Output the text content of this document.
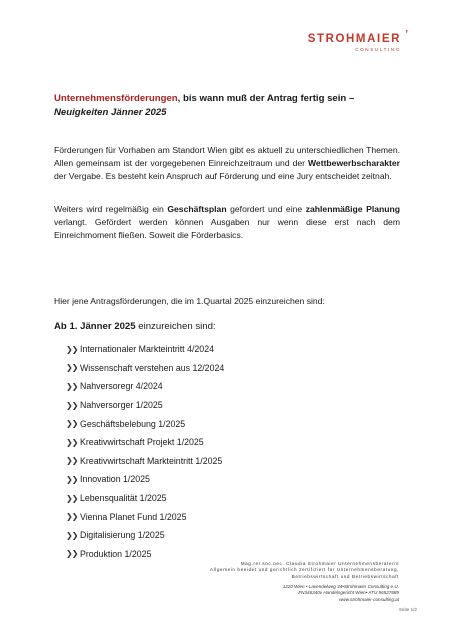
STROHMAIER ’
CONSULTING
Unternehmensförderungen, bis wann muß der Antrag fertig sein –
Neuigkeiten Jänner 2025
Förderungen für Vorhaben am Standort Wien gibt es aktuell zu unterschiedlichen Themen. Allen gemeinsam ist der vorgegebenen Einreichzeitraum und der Wettbewerbscharakter der Vergabe. Es besteht kein Anspruch auf Förderung und eine Jury entscheidet zeitnah.
Weiters wird regelmäßig ein Geschäftsplan gefordert und eine zahlenmäßige Planung verlangt. Gefördert werden können Ausgaben nur wenn diese erst nach dem Einreichmoment fließen. Soweit die Förderbasics.
Hier jene Antragsförderungen, die im 1.Quartal 2025 einzureichen sind:
Ab 1. Jänner 2025 einzureichen sind:
❯❯ Internationaler Markteintritt 4/2024
❯❯ Wissenschaft verstehen aus 12/2024
❯❯ Nahversoregr 4/2024
❯❯ Nahversorger 1/2025
❯❯ Geschäftsbelebung 1/2025
❯❯ Kreativwirtschaft Projekt 1/2025
❯❯ Kreativwirtschaft Markteintritt 1/2025
❯❯ Innovation 1/2025
❯❯ Lebensqualität 1/2025
❯❯ Vienna Planet Fund 1/2025
❯❯ Digitalisierung 1/2025
❯❯ Produktion 1/2025
Mag.rer.soc.oec. Claudia Strohmaier Unternehmensberaterin
Allgemein beeidet und gerichtlich zertifiziert für Unternehmensberatung,
Betriebswirtschaft und Betriebswirtschaft
1220 Wien • Lavendelweg 34•Strohmaier Consulting e.U.
FN346340v Handelsgericht Wien• ATU 56527689
www.strohmaier-consulting.at
Seite 1/2
